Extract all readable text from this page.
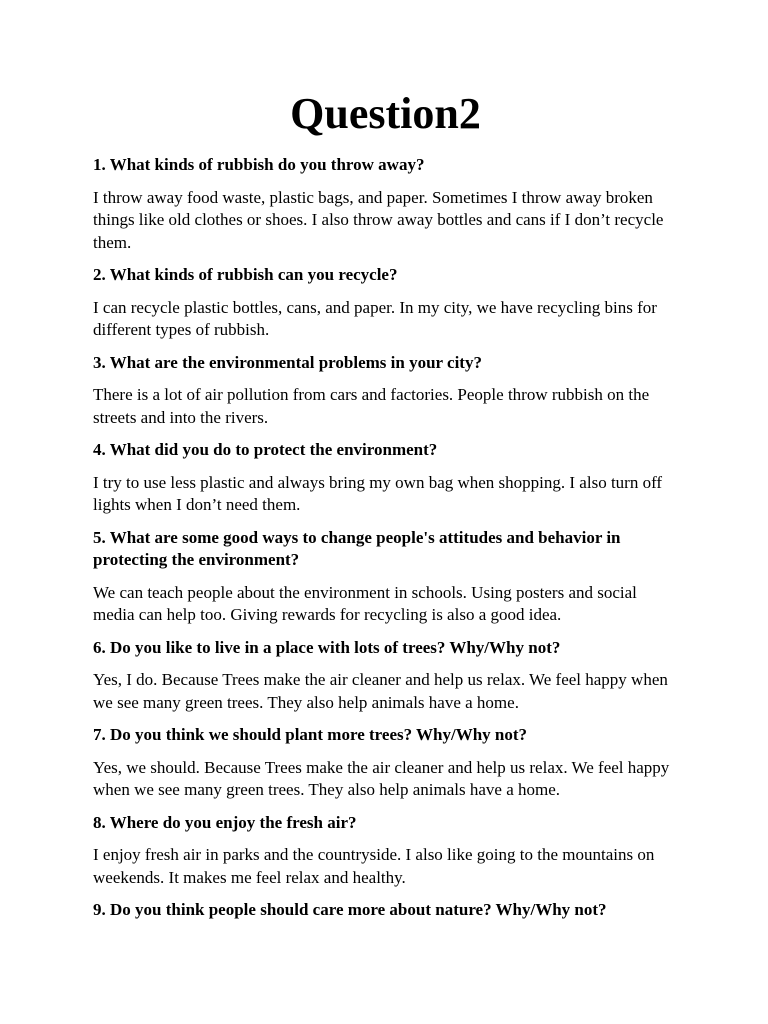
Question2

1. What kinds of rubbish do you throw away?

I throw away food waste, plastic bags, and paper. Sometimes I throw away broken things like old clothes or shoes. I also throw away bottles and cans if I don’t recycle them.

2. What kinds of rubbish can you recycle?

I can recycle plastic bottles, cans, and paper. In my city, we have recycling bins for different types of rubbish.

3. What are the environmental problems in your city?

There is a lot of air pollution from cars and factories. People throw rubbish on the streets and into the rivers.

4. What did you do to protect the environment?

I try to use less plastic and always bring my own bag when shopping. I also turn off lights when I don’t need them.

5. What are some good ways to change people's attitudes and behavior in protecting the environment?

We can teach people about the environment in schools. Using posters and social media can help too. Giving rewards for recycling is also a good idea.

6. Do you like to live in a place with lots of trees? Why/Why not?

Yes, I do. Because Trees make the air cleaner and help us relax. We feel happy when we see many green trees. They also help animals have a home.

7. Do you think we should plant more trees? Why/Why not?

Yes, we should. Because Trees make the air cleaner and help us relax. We feel happy when we see many green trees. They also help animals have a home.

8. Where do you enjoy the fresh air?

I enjoy fresh air in parks and the countryside. I also like going to the mountains on weekends. It makes me feel relax and healthy.

9. Do you think people should care more about nature? Why/Why not?
